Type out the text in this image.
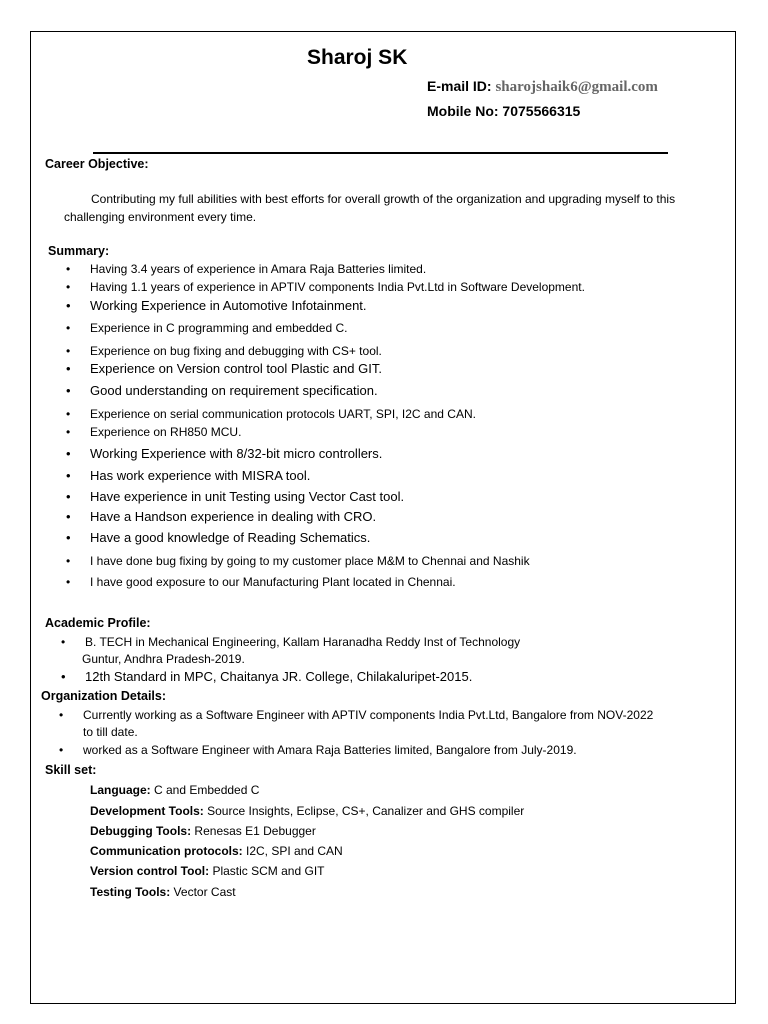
Sharoj SK
E-mail ID: sharojshaik6@gmail.com
Mobile No: 7075566315
Career Objective:
Contributing my full abilities with best efforts for overall growth of the organization and upgrading myself to this challenging environment every time.
Summary:
• Having 3.4 years of experience in Amara Raja Batteries limited.
• Having 1.1 years of experience in APTIV components India Pvt.Ltd in Software Development.
• Working Experience in Automotive Infotainment.
• Experience in C programming and embedded C.
• Experience on bug fixing and debugging with CS+ tool.
• Experience on Version control tool Plastic and GIT.
• Good understanding on requirement specification.
• Experience on serial communication protocols UART, SPI, I2C and CAN.
• Experience on RH850 MCU.
• Working Experience with 8/32-bit micro controllers.
• Has work experience with MISRA tool.
• Have experience in unit Testing using Vector Cast tool.
• Have a Handson experience in dealing with CRO.
• Have a good knowledge of Reading Schematics.
• I have done bug fixing by going to my customer place M&M to Chennai and Nashik
• I have good exposure to our Manufacturing Plant located in Chennai.
Academic Profile:
• B. TECH in Mechanical Engineering, Kallam Haranadha Reddy Inst of Technology
• 12th Standard in MPC, Chaitanya JR. College, Chilakaluripet-2015.
Guntur, Andhra Pradesh-2019.
Organization Details:
• Currently working as a Software Engineer with APTIV components India Pvt.Ltd, Bangalore from NOV-2022
• worked as a Software Engineer with Amara Raja Batteries limited, Bangalore from July-2019.
to till date.
Skill set:
Language: C and Embedded C
Development Tools: Source Insights, Eclipse, CS+, Canalizer and GHS compiler
Debugging Tools: Renesas E1 Debugger
Communication protocols: I2C, SPI and CAN
Version control Tool: Plastic SCM and GIT
Testing Tools: Vector Cast
